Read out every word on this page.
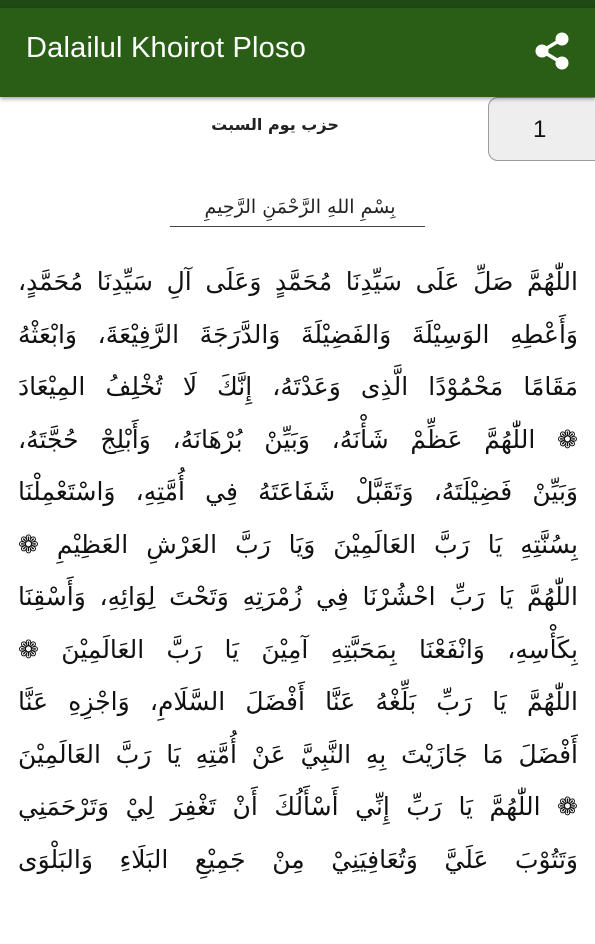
Dalailul Khoirot Ploso
حزب يوم السبت	1
بِسْمِ اللهِ الرَّحْمَنِ الرَّحِيمِ
اللّٰهُمَّ صَلِّ عَلَى سَيِّدِنَا مُحَمَّدٍ وَعَلَى آلِ سَيِّدِنَا مُحَمَّدٍ،
وَأَعْطِهِ الوَسِيْلَةَ وَالفَضِيْلَةَ وَالدَّرَجَةَ الرَّفِيْعَةَ، وَابْعَثْهُ
مَقَامًا مَحْمُوْدًا الَّذِى وَعَدْتَهُ، إِنَّكَ لَا تُخْلِفُ المِيْعَادَ
❁ اللّٰهُمَّ عَظِّمْ شَأْنَهُ، وَبَيِّنْ بُرْهَانَهُ، وَأَبْلِجْ حُجَّتَهُ،
وَبَيِّنْ فَضِيْلَتَهُ، وَتَقَبَّلْ شَفَاعَتَهُ فِي أُمَّتِهِ، وَاسْتَعْمِلْنَا
بِسُنَّتِهِ يَا رَبَّ العَالَمِيْنَ وَيَا رَبَّ العَرْشِ العَظِيْمِ ❁
اللّٰهُمَّ يَا رَبِّ احْشُرْنَا فِي زُمْرَتِهِ وَتَحْتَ لِوَائِهِ، وَأَسْقِنَا
بِكَأْسِهِ، وَانْفَعْنَا بِمَحَبَّتِهِ آمِيْنَ يَا رَبَّ العَالَمِيْنَ ❁
اللّٰهُمَّ يَا رَبِّ بَلِّغْهُ عَنَّا أَفْضَلَ السَّلَامِ، وَاجْزِهِ عَنَّا
أَفْضَلَ مَا جَازَيْتَ بِهِ النَّبِيَّ عَنْ أُمَّتِهِ يَا رَبَّ العَالَمِيْنَ
❁ اللّٰهُمَّ يَا رَبِّ إِنِّي أَسْأَلُكَ أَنْ تَغْفِرَ لِيْ وَتَرْحَمَنِي
وَتَتُوْبَ عَلَيَّ وَتُعَافِيَنِيْ مِنْ جَمِيْعِ البَلَاءِ وَالبَلْوَى
